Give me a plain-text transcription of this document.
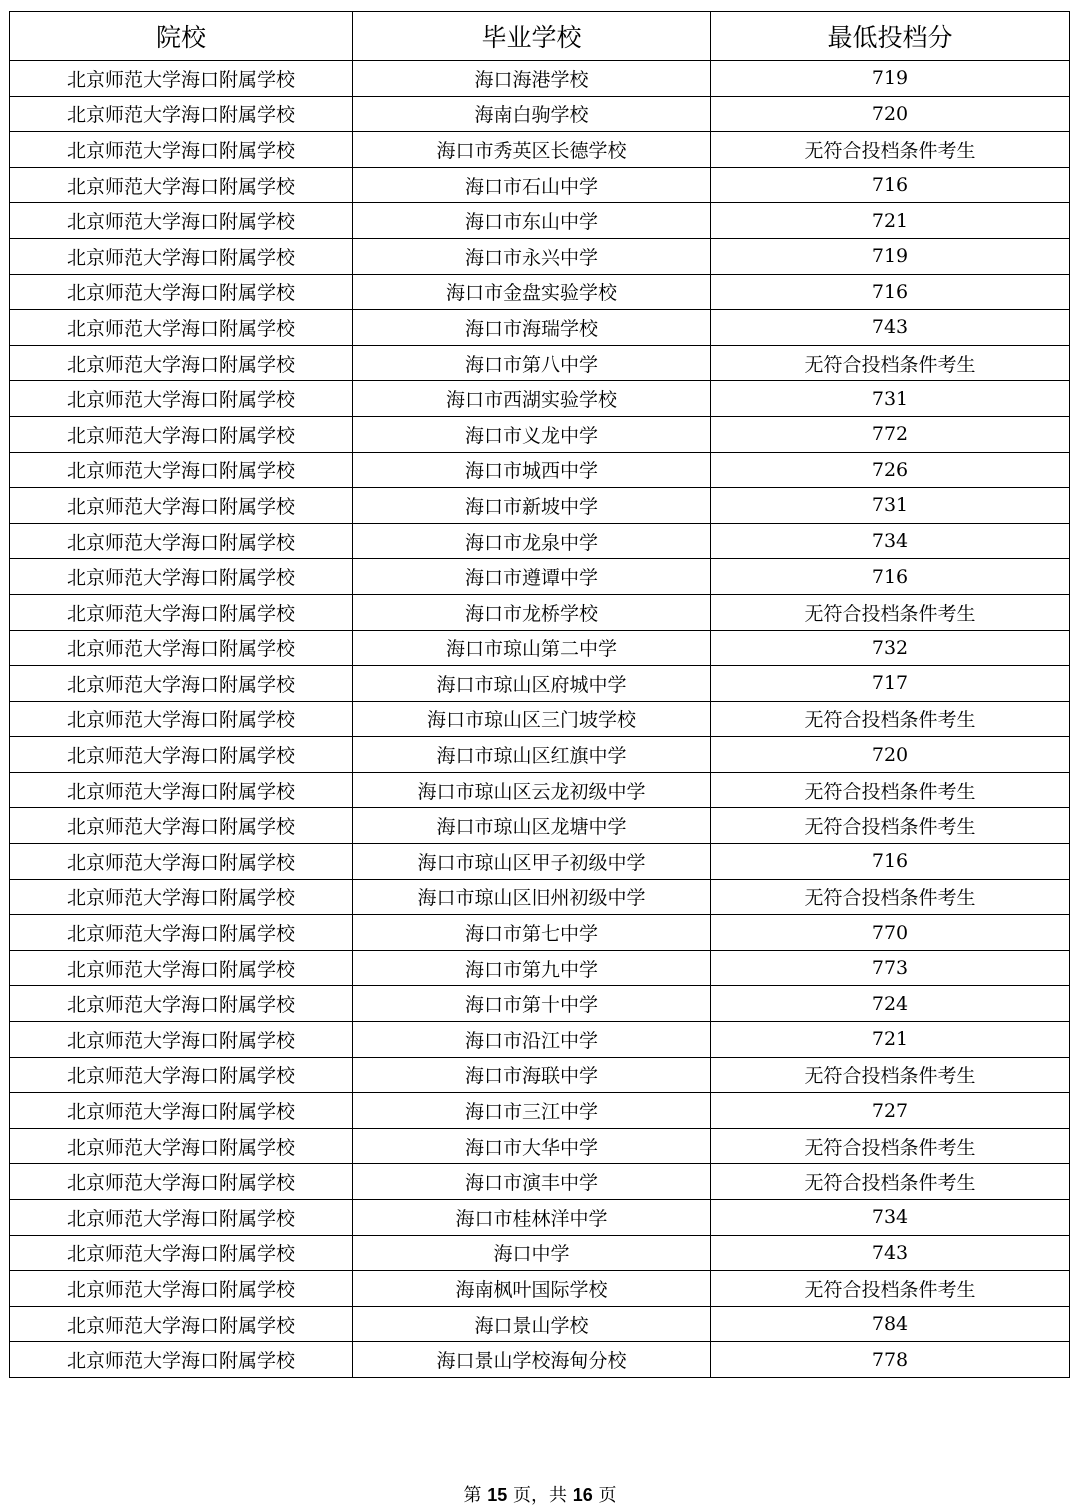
院校	毕业学校	最低投档分
北京师范大学海口附属学校	海口海港学校	719
北京师范大学海口附属学校	海南白驹学校	720
北京师范大学海口附属学校	海口市秀英区长德学校	无符合投档条件考生
北京师范大学海口附属学校	海口市石山中学	716
北京师范大学海口附属学校	海口市东山中学	721
北京师范大学海口附属学校	海口市永兴中学	719
北京师范大学海口附属学校	海口市金盘实验学校	716
北京师范大学海口附属学校	海口市海瑞学校	743
北京师范大学海口附属学校	海口市第八中学	无符合投档条件考生
北京师范大学海口附属学校	海口市西湖实验学校	731
北京师范大学海口附属学校	海口市义龙中学	772
北京师范大学海口附属学校	海口市城西中学	726
北京师范大学海口附属学校	海口市新坡中学	731
北京师范大学海口附属学校	海口市龙泉中学	734
北京师范大学海口附属学校	海口市遵谭中学	716
北京师范大学海口附属学校	海口市龙桥学校	无符合投档条件考生
北京师范大学海口附属学校	海口市琼山第二中学	732
北京师范大学海口附属学校	海口市琼山区府城中学	717
北京师范大学海口附属学校	海口市琼山区三门坡学校	无符合投档条件考生
北京师范大学海口附属学校	海口市琼山区红旗中学	720
北京师范大学海口附属学校	海口市琼山区云龙初级中学	无符合投档条件考生
北京师范大学海口附属学校	海口市琼山区龙塘中学	无符合投档条件考生
北京师范大学海口附属学校	海口市琼山区甲子初级中学	716
北京师范大学海口附属学校	海口市琼山区旧州初级中学	无符合投档条件考生
北京师范大学海口附属学校	海口市第七中学	770
北京师范大学海口附属学校	海口市第九中学	773
北京师范大学海口附属学校	海口市第十中学	724
北京师范大学海口附属学校	海口市沿江中学	721
北京师范大学海口附属学校	海口市海联中学	无符合投档条件考生
北京师范大学海口附属学校	海口市三江中学	727
北京师范大学海口附属学校	海口市大华中学	无符合投档条件考生
北京师范大学海口附属学校	海口市演丰中学	无符合投档条件考生
北京师范大学海口附属学校	海口市桂林洋中学	734
北京师范大学海口附属学校	海口中学	743
北京师范大学海口附属学校	海南枫叶国际学校	无符合投档条件考生
北京师范大学海口附属学校	海口景山学校	784
北京师范大学海口附属学校	海口景山学校海甸分校	778
第 15 页，共 16 页
